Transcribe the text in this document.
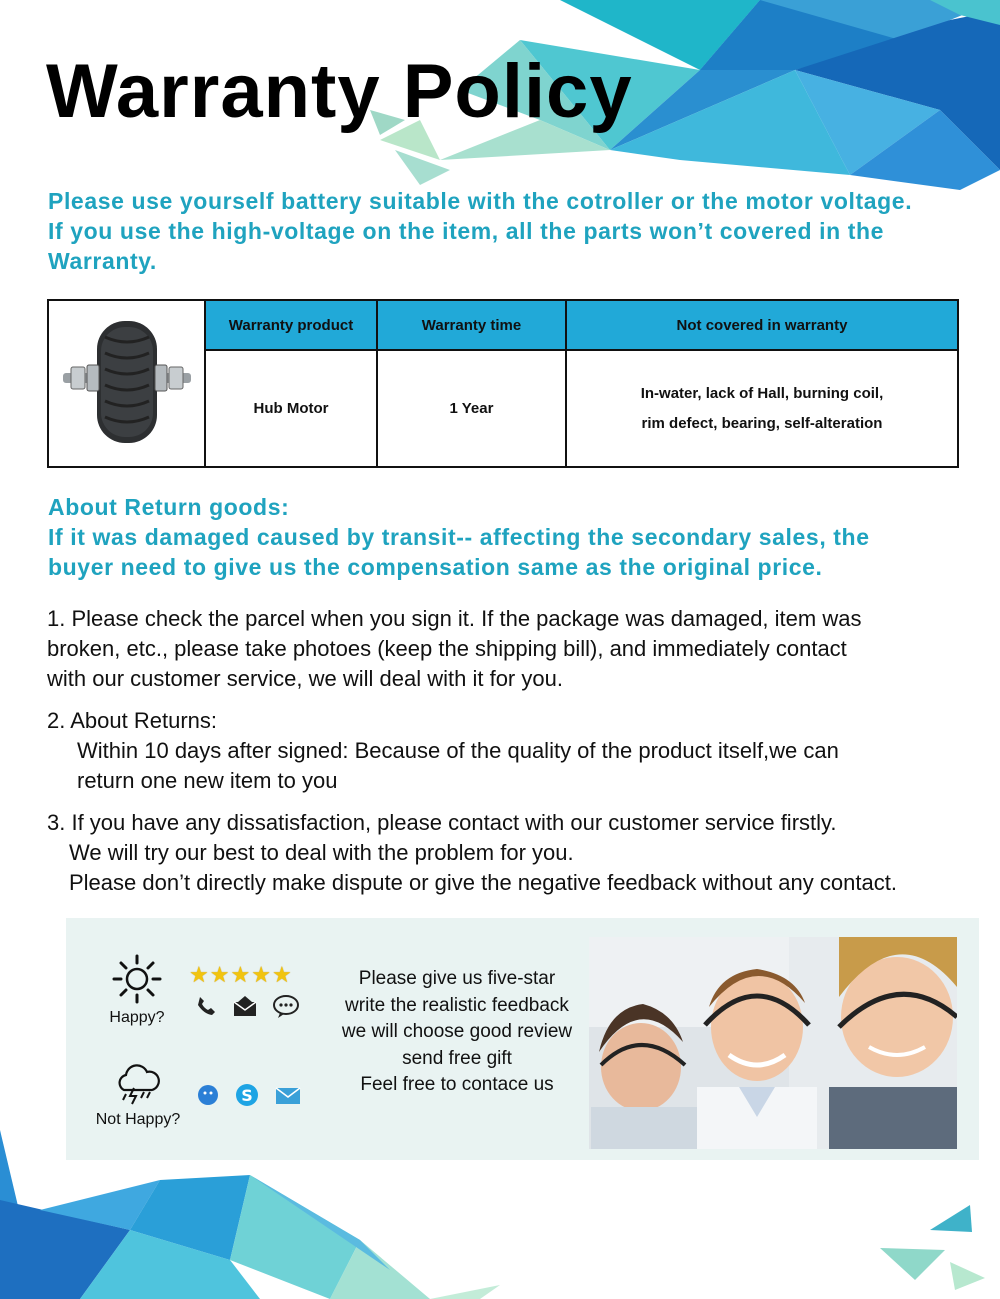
Warranty Policy
Please use yourself battery suitable with the cotroller or the motor voltage.
If you use the high-voltage on the item, all the parts won’t covered in the
Warranty.
	Warranty product	Warranty time	Not covered in warranty
	Hub Motor	1 Year	In-water, lack of Hall, burning coil,
rim defect, bearing, self-alteration
About Return goods:
If it was damaged caused by transit-- affecting the secondary sales, the
buyer need to give us the compensation same as the original price.
1. Please check the parcel when you sign it. If the package was damaged, item was
broken, etc., please take photoes (keep the shipping bill), and immediately contact
with our customer service, we will deal with it for you.
2. About Returns:
Within 10 days after signed: Because of the quality of the product itself,we can
return one new item to you
3. If you have any dissatisfaction, please contact with our customer service firstly.
We will try our best to deal with the problem for you.
Please don’t directly make dispute or give the negative feedback without any contact.
Happy?
★★★★★
Not Happy?
S
Please give us five-star
write the realistic feedback
we will choose good review
send free gift
Feel free to contace us
